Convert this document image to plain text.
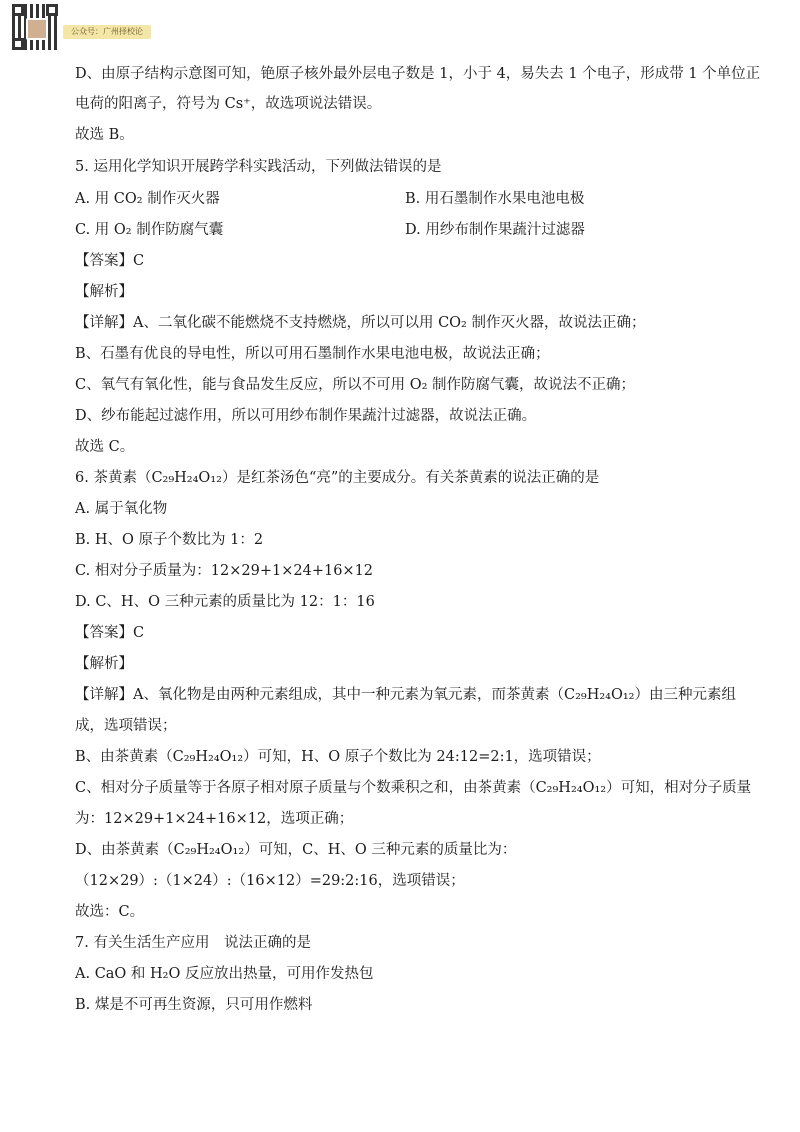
公众号：广州择校论

D、由原子结构示意图可知，铯原子核外最外层电子数是 1，小于 4，易失去 1 个电子，形成带 1 个单位正

电荷的阳离子，符号为 Cs⁺，故选项说法错误。

故选 B。

5. 运用化学知识开展跨学科实践活动，下列做法错误的是

A. 用 CO₂ 制作灭火器	B. 用石墨制作水果电池电极

C. 用 O₂ 制作防腐气囊	D. 用纱布制作果蔬汁过滤器

【答案】C

【解析】

【详解】A、二氧化碳不能燃烧不支持燃烧，所以可以用 CO₂ 制作灭火器，故说法正确；

B、石墨有优良的导电性，所以可用石墨制作水果电池电极，故说法正确；

C、氧气有氧化性，能与食品发生反应，所以不可用 O₂ 制作防腐气囊，故说法不正确；

D、纱布能起过滤作用，所以可用纱布制作果蔬汁过滤器，故说法正确。

故选 C。

6. 茶黄素（C₂₉H₂₄O₁₂）是红茶汤色“亮”的主要成分。有关茶黄素的说法正确的是

A. 属于氧化物

B. H、O 原子个数比为 1：2

C. 相对分子质量为：12×29+1×24+16×12

D. C、H、O 三种元素的质量比为 12：1：16

【答案】C

【解析】

【详解】A、氧化物是由两种元素组成，其中一种元素为氧元素，而茶黄素（C₂₉H₂₄O₁₂）由三种元素组

成，选项错误；

B、由茶黄素（C₂₉H₂₄O₁₂）可知，H、O 原子个数比为 24:12=2:1，选项错误；

C、相对分子质量等于各原子相对原子质量与个数乘积之和，由茶黄素（C₂₉H₂₄O₁₂）可知，相对分子质量

为：12×29+1×24+16×12，选项正确；

D、由茶黄素（C₂₉H₂₄O₁₂）可知，C、H、O 三种元素的质量比为：

（12×29）:（1×24）:（16×12）=29:2:16，选项错误；

故选：C。

7. 有关生活生产应用　说法正确的是

A. CaO 和 H₂O 反应放出热量，可用作发热包

B. 煤是不可再生资源，只可用作燃料
